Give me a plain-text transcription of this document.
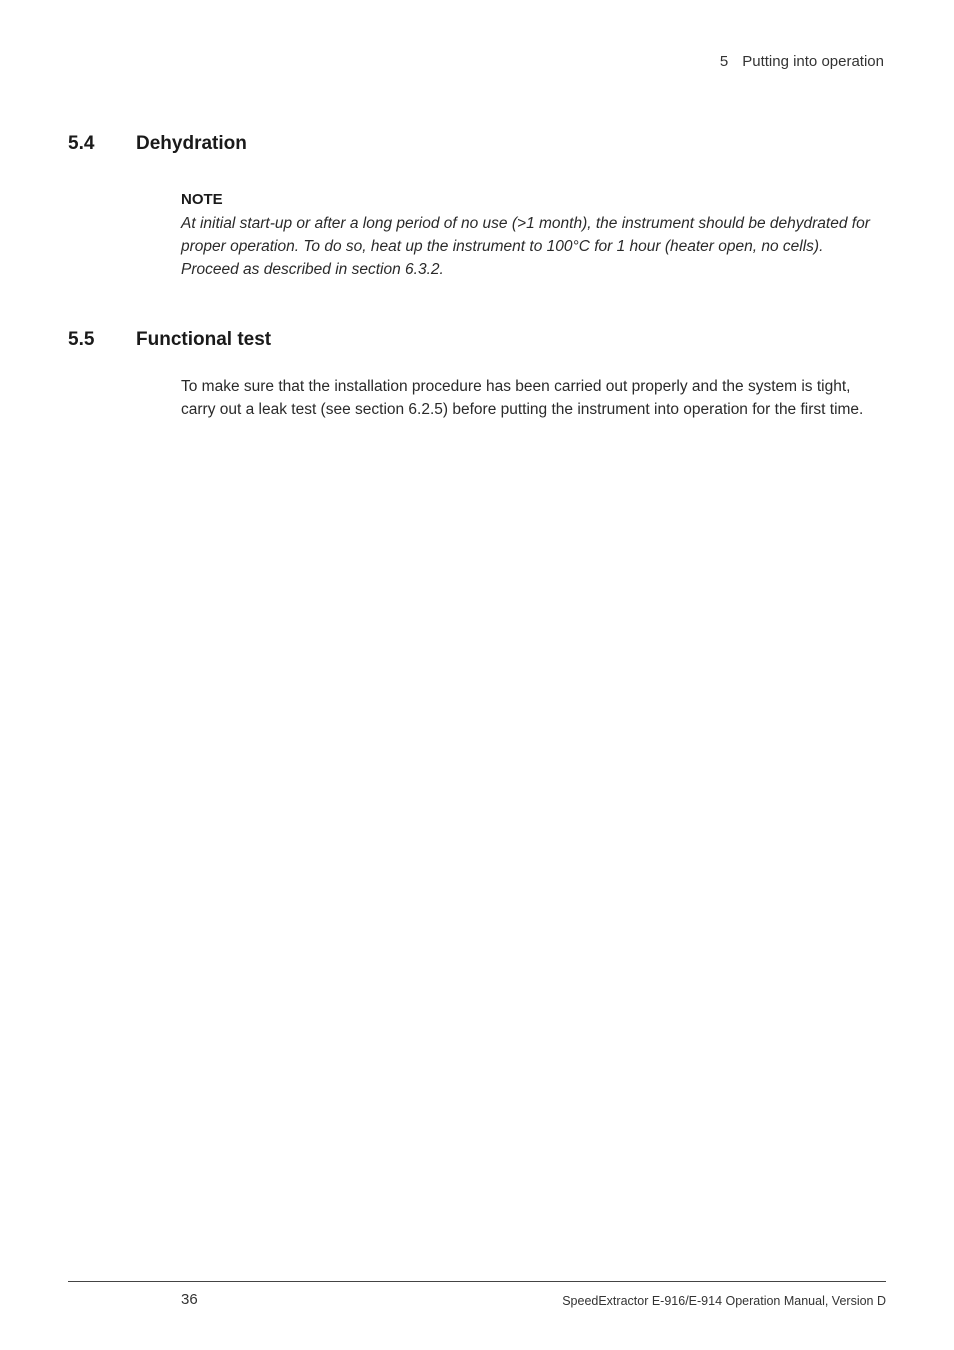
5 Putting into operation
5.4 Dehydration
NOTE
At initial start-up or after a long period of no use (>1 month), the instrument should be dehydrated for proper operation. To do so, heat up the instrument to 100°C for 1 hour (heater open, no cells). Proceed as described in section 6.3.2.
5.5 Functional test
To make sure that the installation procedure has been carried out properly and the system is tight, carry out a leak test (see section 6.2.5) before putting the instrument into operation for the first time.
36	SpeedExtractor E-916/E-914 Operation Manual, Version D
